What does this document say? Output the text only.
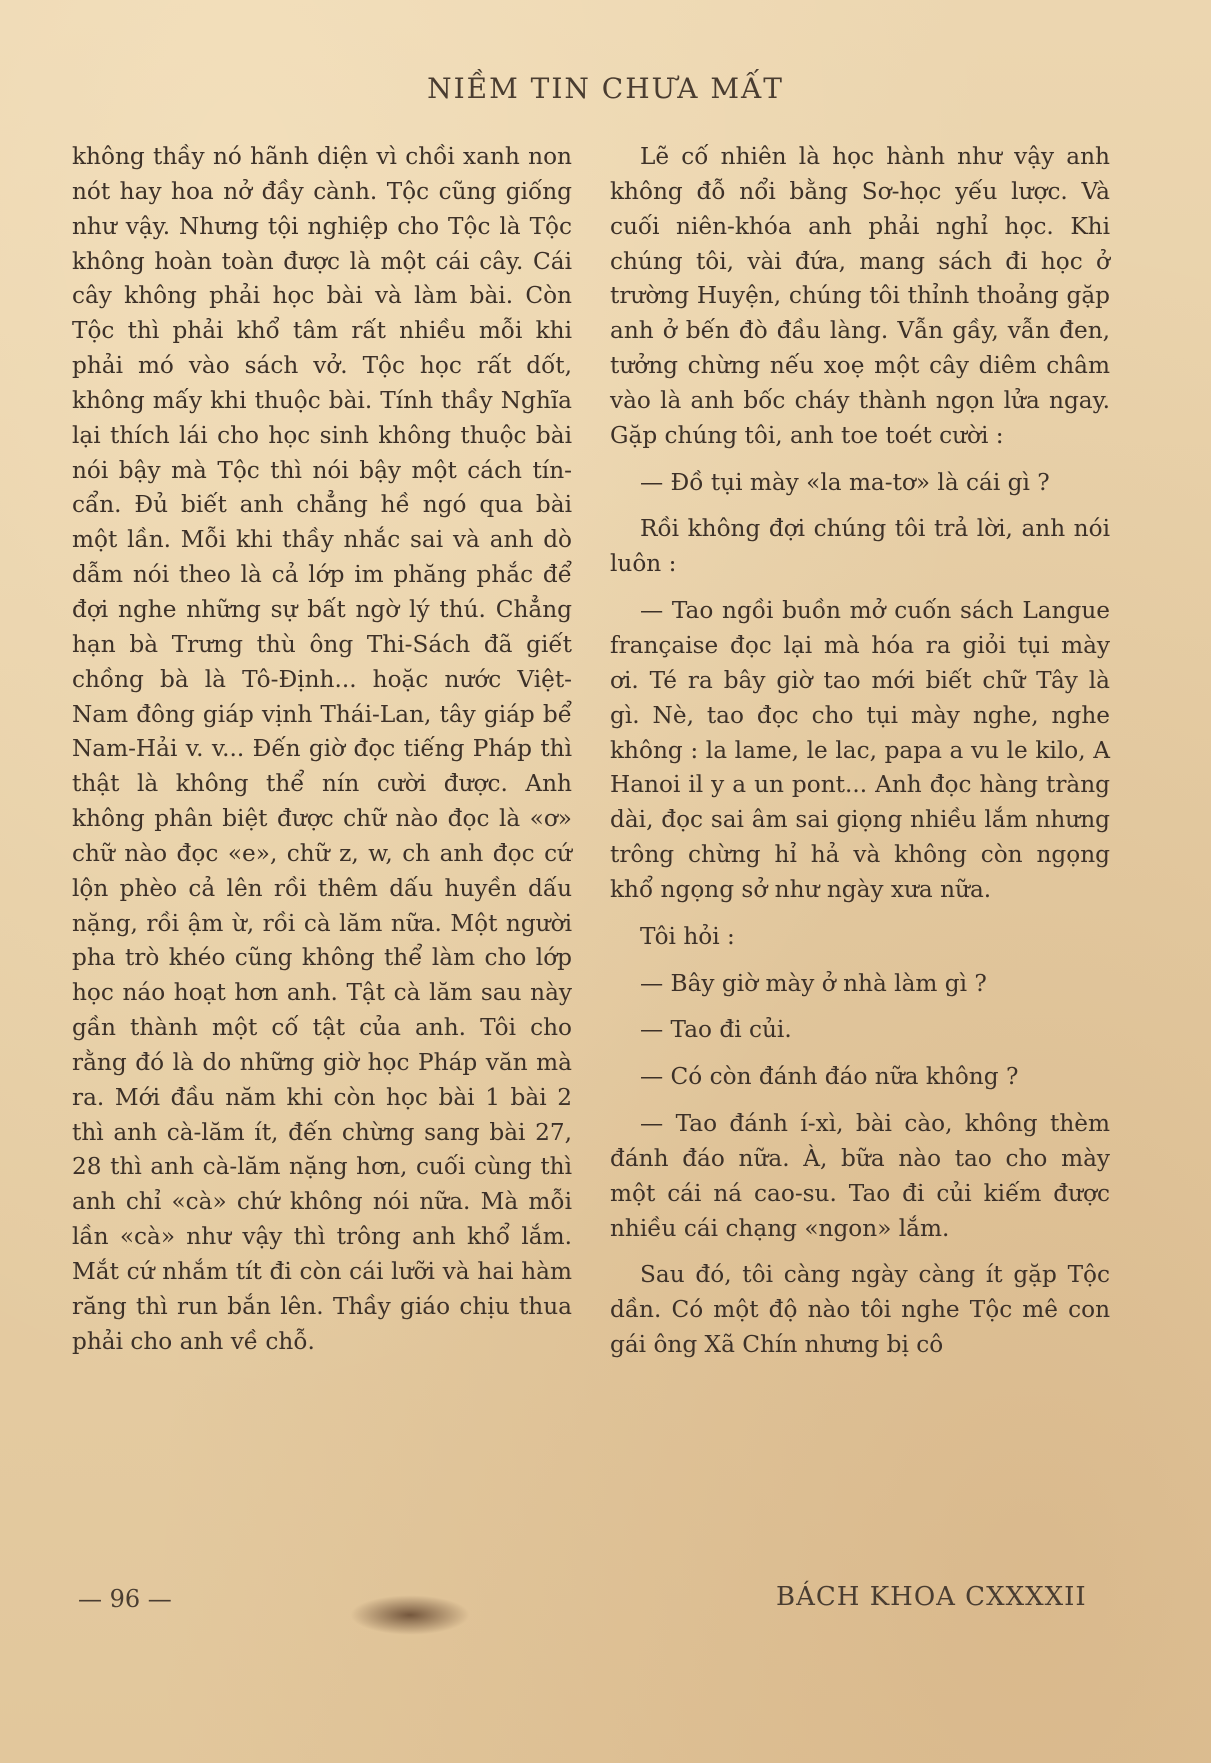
NIỀM TIN CHƯA MẤT

không thầy nó hãnh diện vì chồi xanh non nót hay hoa nở đầy cành. Tộc cũng giống như vậy. Nhưng tội nghiệp cho Tộc là Tộc không hoàn toàn được là một cái cây. Cái cây không phải học bài và làm bài. Còn Tộc thì phải khổ tâm rất nhiều mỗi khi phải mó vào sách vở. Tộc học rất dốt, không mấy khi thuộc bài. Tính thầy Nghĩa lại thích lái cho học sinh không thuộc bài nói bậy mà Tộc thì nói bậy một cách tín-cẩn. Đủ biết anh chẳng hề ngó qua bài một lần. Mỗi khi thầy nhắc sai và anh dò dẫm nói theo là cả lớp im phăng phắc để đợi nghe những sự bất ngờ lý thú. Chẳng hạn bà Trưng thù ông Thi-Sách đã giết chồng bà là Tô-Định... hoặc nước Việt-Nam đông giáp vịnh Thái-Lan, tây giáp bể Nam-Hải v. v... Đến giờ đọc tiếng Pháp thì thật là không thể nín cười được. Anh không phân biệt được chữ nào đọc là «ơ» chữ nào đọc «e», chữ z, w, ch anh đọc cứ lộn phèo cả lên rồi thêm dấu huyền dấu nặng, rồi ậm ừ, rồi cà lăm nữa. Một người pha trò khéo cũng không thể làm cho lớp học náo hoạt hơn anh. Tật cà lăm sau này gần thành một cố tật của anh. Tôi cho rằng đó là do những giờ học Pháp văn mà ra. Mới đầu năm khi còn học bài 1 bài 2 thì anh cà-lăm ít, đến chừng sang bài 27, 28 thì anh cà-lăm nặng hơn, cuối cùng thì anh chỉ «cà» chứ không nói nữa. Mà mỗi lần «cà» như vậy thì trông anh khổ lắm. Mắt cứ nhắm tít đi còn cái lưỡi và hai hàm răng thì run bắn lên. Thầy giáo chịu thua phải cho anh về chỗ.

Lẽ cố nhiên là học hành như vậy anh không đỗ nổi bằng Sơ-học yếu lược. Và cuối niên-khóa anh phải nghỉ học. Khi chúng tôi, vài đứa, mang sách đi học ở trường Huyện, chúng tôi thỉnh thoảng gặp anh ở bến đò đầu làng. Vẫn gầy, vẫn đen, tưởng chừng nếu xoẹ một cây diêm châm vào là anh bốc cháy thành ngọn lửa ngay. Gặp chúng tôi, anh toe toét cười :

— Đồ tụi mày «la ma-tơ» là cái gì ?

Rồi không đợi chúng tôi trả lời, anh nói luôn :

— Tao ngồi buồn mở cuốn sách Langue française đọc lại mà hóa ra giỏi tụi mày ơi. Té ra bây giờ tao mới biết chữ Tây là gì. Nè, tao đọc cho tụi mày nghe, nghe không : la lame, le lac, papa a vu le kilo, A Hanoi il y a un pont... Anh đọc hàng tràng dài, đọc sai âm sai giọng nhiều lắm nhưng trông chừng hỉ hả và không còn ngọng khổ ngọng sở như ngày xưa nữa.

Tôi hỏi :

— Bây giờ mày ở nhà làm gì ?

— Tao đi củi.

— Có còn đánh đáo nữa không ?

— Tao đánh í-xì, bài cào, không thèm đánh đáo nữa. À, bữa nào tao cho mày một cái ná cao-su. Tao đi củi kiếm được nhiều cái chạng «ngon» lắm.

Sau đó, tôi càng ngày càng ít gặp Tộc dần. Có một độ nào tôi nghe Tộc mê con gái ông Xã Chín nhưng bị cô

— 96 —	BÁCH KHOA CXXXXII
